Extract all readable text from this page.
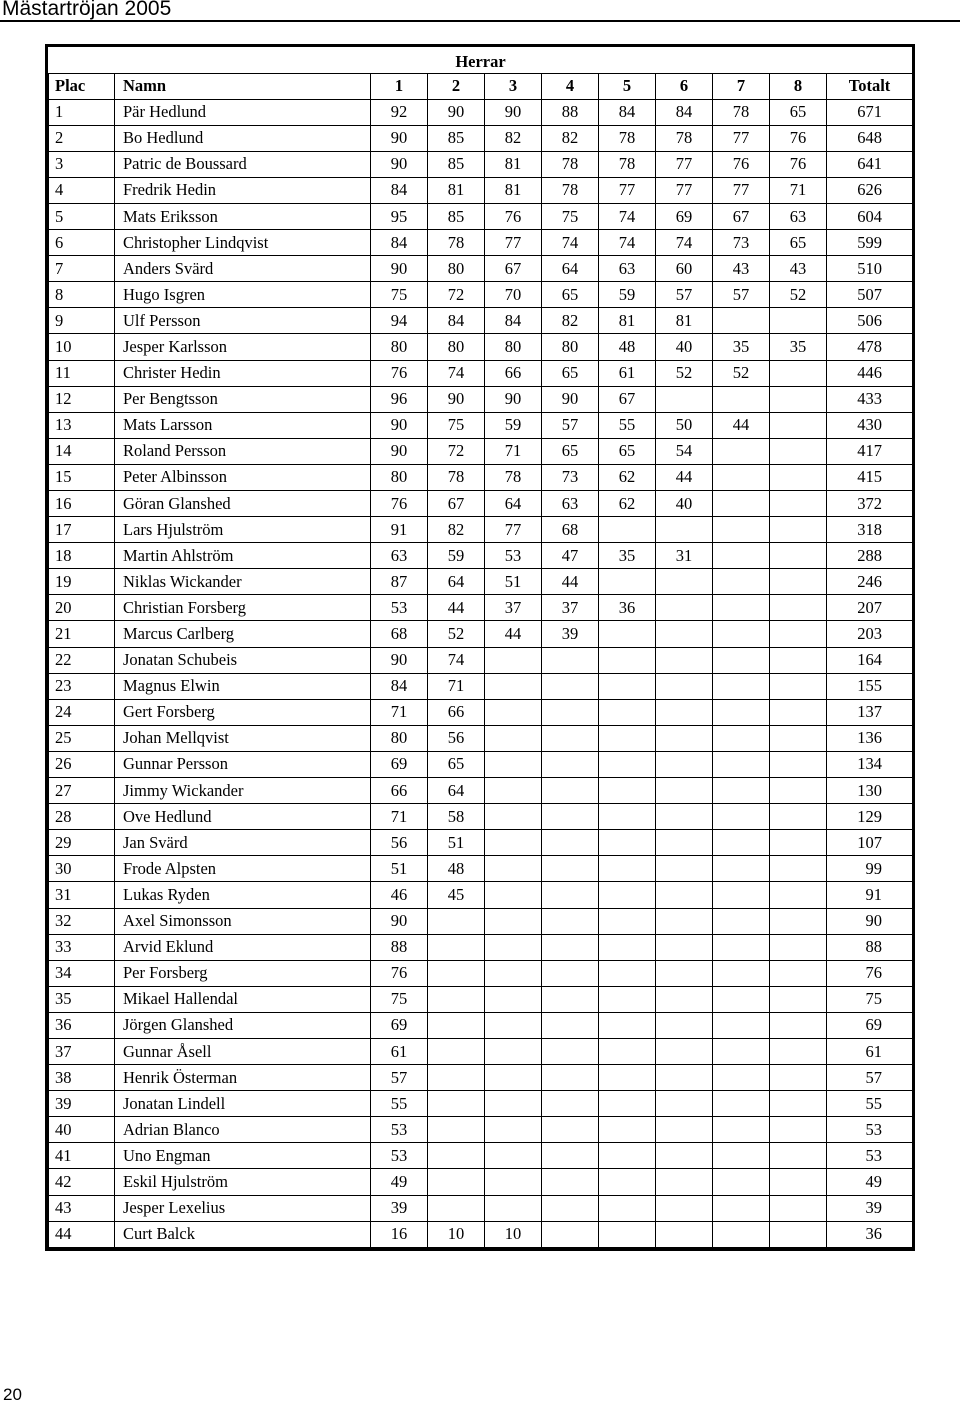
Mästartröjan 2005
Herrar										
Plac	Namn	1	2	3	4	5	6	7	8	Totalt
1	Pär Hedlund	92	90	90	88	84	84	78	65	671
2	Bo Hedlund	90	85	82	82	78	78	77	76	648
3	Patric de Boussard	90	85	81	78	78	77	76	76	641
4	Fredrik Hedin	84	81	81	78	77	77	77	71	626
5	Mats Eriksson	95	85	76	75	74	69	67	63	604
6	Christopher Lindqvist	84	78	77	74	74	74	73	65	599
7	Anders Svärd	90	80	67	64	63	60	43	43	510
8	Hugo Isgren	75	72	70	65	59	57	57	52	507
9	Ulf Persson	94	84	84	82	81	81			506
10	Jesper Karlsson	80	80	80	80	48	40	35	35	478
11	Christer Hedin	76	74	66	65	61	52	52		446
12	Per Bengtsson	96	90	90	90	67				433
13	Mats Larsson	90	75	59	57	55	50	44		430
14	Roland Persson	90	72	71	65	65	54			417
15	Peter Albinsson	80	78	78	73	62	44			415
16	Göran Glanshed	76	67	64	63	62	40			372
17	Lars Hjulström	91	82	77	68					318
18	Martin Ahlström	63	59	53	47	35	31			288
19	Niklas Wickander	87	64	51	44					246
20	Christian Forsberg	53	44	37	37	36				207
21	Marcus Carlberg	68	52	44	39					203
22	Jonatan Schubeis	90	74							164
23	Magnus Elwin	84	71							155
24	Gert Forsberg	71	66							137
25	Johan Mellqvist	80	56							136
26	Gunnar Persson	69	65							134
27	Jimmy Wickander	66	64							130
28	Ove Hedlund	71	58							129
29	Jan Svärd	56	51							107
30	Frode Alpsten	51	48							99
31	Lukas Ryden	46	45							91
32	Axel Simonsson	90								90
33	Arvid Eklund	88								88
34	Per Forsberg	76								76
35	Mikael Hallendal	75								75
36	Jörgen Glanshed	69								69
37	Gunnar Åsell	61								61
38	Henrik Österman	57								57
39	Jonatan Lindell	55								55
40	Adrian Blanco	53								53
41	Uno Engman	53								53
42	Eskil Hjulström	49								49
43	Jesper Lexelius	39								39
44	Curt Balck	16	10	10						36
20
